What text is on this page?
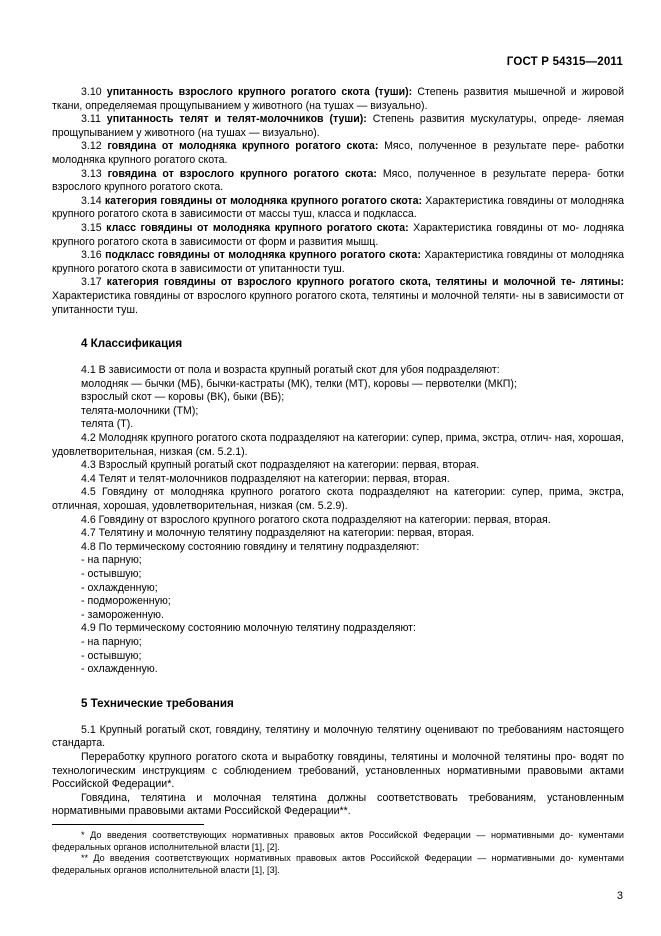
ГОСТ Р 54315—2011

3.10 упитанность взрослого крупного рогатого скота (туши): Степень развития мышечной и жировой ткани, определяемая прощупыванием у животного (на тушах — визуально).

3.11 упитанность телят и телят-молочников (туши): Степень развития мускулатуры, опреде- ляемая прощупыванием у животного (на тушах — визуально).

3.12 говядина от молодняка крупного рогатого скота: Мясо, полученное в результате пере- работки молодняка крупного рогатого скота.

3.13 говядина от взрослого крупного рогатого скота: Мясо, полученное в результате перера- ботки взрослого крупного рогатого скота.

3.14 категория говядины от молодняка крупного рогатого скота: Характеристика говядины от молодняка крупного рогатого скота в зависимости от массы туш, класса и подкласса.

3.15 класс говядины от молодняка крупного рогатого скота: Характеристика говядины от мо- лодняка крупного рогатого скота в зависимости от форм и развития мышц.

3.16 подкласс говядины от молодняка крупного рогатого скота: Характеристика говядины от молодняка крупного рогатого скота в зависимости от упитанности туш.

3.17 категория говядины от взрослого крупного рогатого скота, телятины и молочной те- лятины: Характеристика говядины от взрослого крупного рогатого скота, телятины и молочной теляти- ны в зависимости от упитанности туш.

4 Классификация

4.1 В зависимости от пола и возраста крупный рогатый скот для убоя подразделяют:

молодняк — бычки (МБ), бычки-кастраты (МК), телки (МТ), коровы — первотелки (МКП);

взрослый скот — коровы (ВК), быки (ВБ);

телята-молочники (ТМ);

телята (Т).

4.2 Молодняк крупного рогатого скота подразделяют на категории: супер, прима, экстра, отлич- ная, хорошая, удовлетворительная, низкая (см. 5.2.1).

4.3 Взрослый крупный рогатый скот подразделяют на категории: первая, вторая.

4.4 Телят и телят-молочников подразделяют на категории: первая, вторая.

4.5 Говядину от молодняка крупного рогатого скота подразделяют на категории: супер, прима, экстра, отличная, хорошая, удовлетворительная, низкая (см. 5.2.9).

4.6 Говядину от взрослого крупного рогатого скота подразделяют на категории: первая, вторая.

4.7 Телятину и молочную телятину подразделяют на категории: первая, вторая.

4.8 По термическому состоянию говядину и телятину подразделяют:

- на парную;

- остывшую;

- охлажденную;

- подмороженную;

- замороженную.

4.9 По термическому состоянию молочную телятину подразделяют:

- на парную;

- остывшую;

- охлажденную.

5 Технические требования

5.1 Крупный рогатый скот, говядину, телятину и молочную телятину оценивают по требованиям настоящего стандарта.

Переработку крупного рогатого скота и выработку говядины, телятины и молочной телятины про- водят по технологическим инструкциям с соблюдением требований, установленных нормативными правовыми актами Российской Федерации*.

Говядина, телятина и молочная телятина должны соответствовать требованиям, установленным нормативными правовыми актами Российской Федерации**.

* До введения соответствующих нормативных правовых актов Российской Федерации — нормативными до- кументами федеральных органов исполнительной власти [1], [2].

** До введения соответствующих нормативных правовых актов Российской Федерации — нормативными до- кументами федеральных органов исполнительной власти [1], [3].

3
